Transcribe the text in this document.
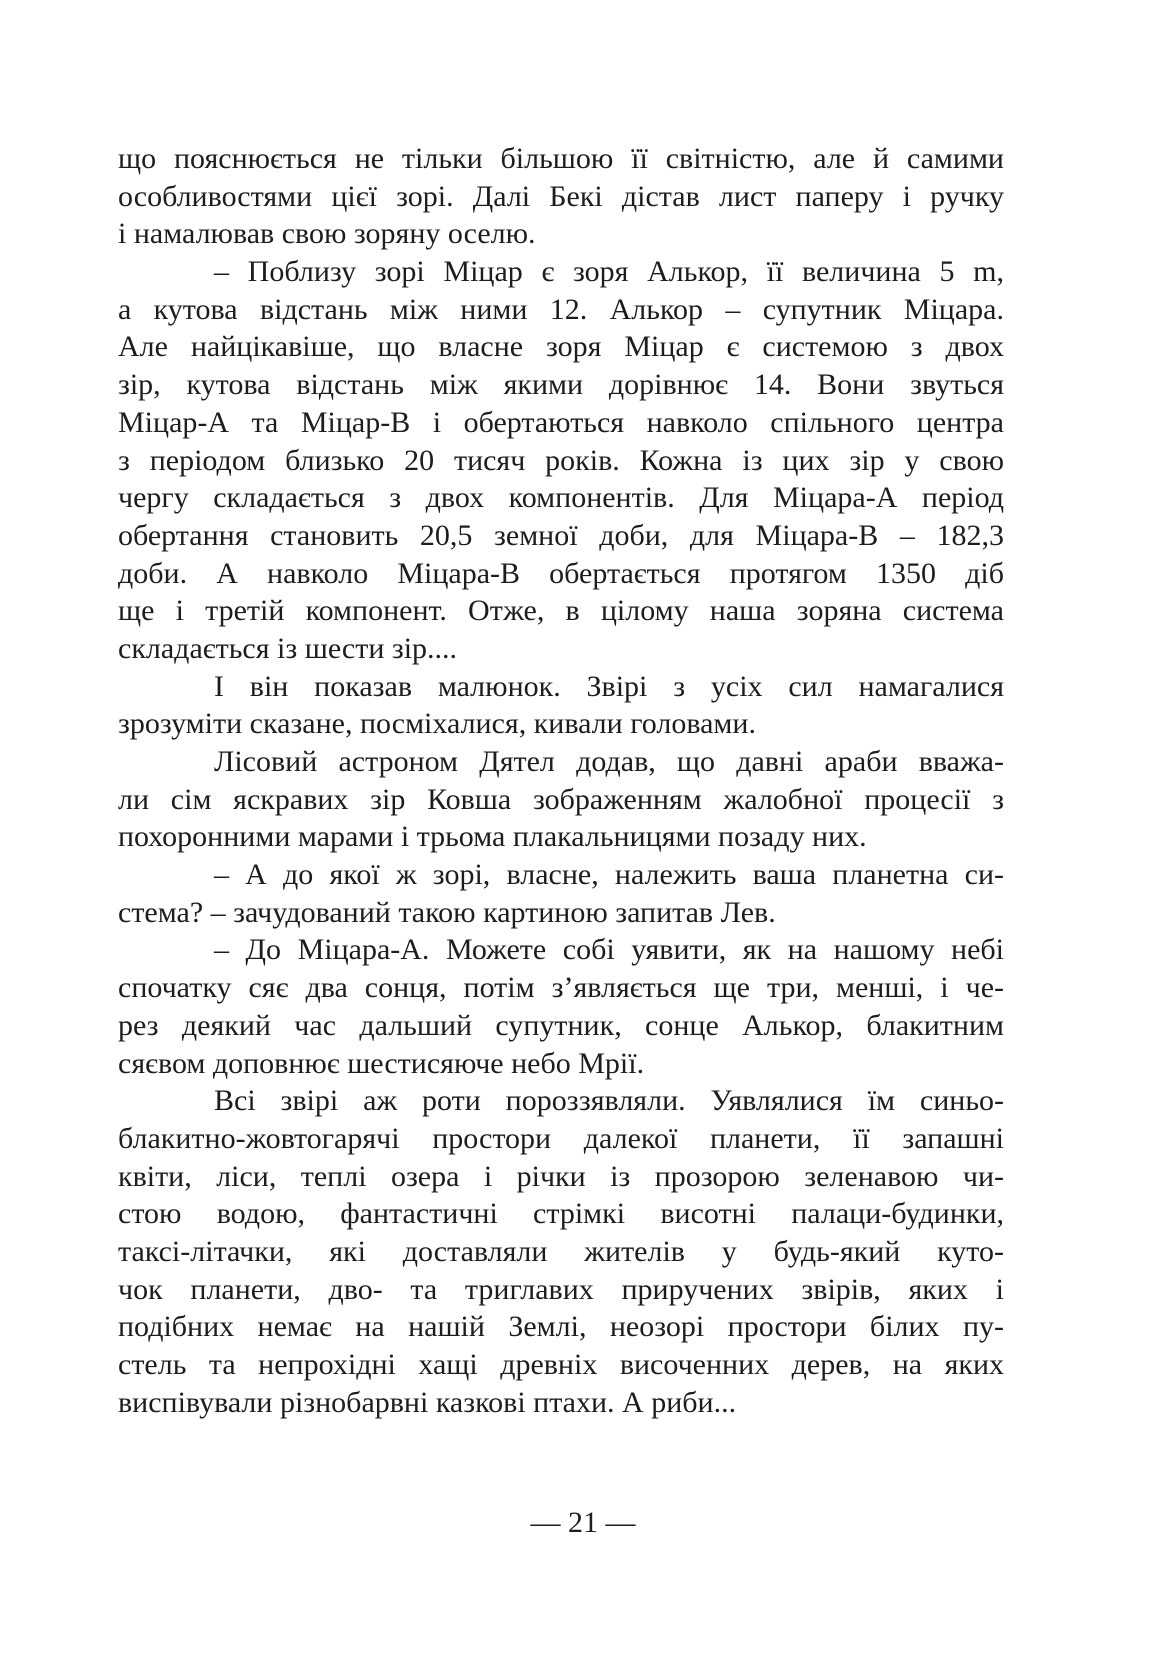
що пояснюється не тільки більшою її світністю, але й самими
особливостями цієї зорі. Далі Бекі дістав лист паперу і ручку
і намалював свою зоряну оселю.
– Поблизу зорі Міцар є зоря Алькор, її величина 5 m,
а кутова відстань між ними 12. Алькор – супутник Міцара.
Але найцікавіше, що власне зоря Міцар є системою з двох
зір, кутова відстань між якими дорівнює 14. Вони звуться
Міцар-А та Міцар-В і обертаються навколо спільного центра
з періодом близько 20 тисяч років. Кожна із цих зір у свою
чергу складається з двох компонентів. Для Міцара-А період
обертання становить 20,5 земної доби, для Міцара-В – 182,3
доби. А навколо Міцара-В обертається протягом 1350 діб
ще і третій компонент. Отже, в цілому наша зоряна система
складається із шести зір....
І він показав малюнок. Звірі з усіх сил намагалися
зрозуміти сказане, посміхалися, кивали головами.
Лісовий астроном Дятел додав, що давні араби вважа-
ли сім яскравих зір Ковша зображенням жалобної процесії з
похоронними марами і трьома плакальницями позаду них.
– А до якої ж зорі, власне, належить ваша планетна си-
стема? – зачудований такою картиною запитав Лев.
– До Міцара-А. Можете собі уявити, як на нашому небі
спочатку сяє два сонця, потім з’являється ще три, менші, і че-
рез деякий час дальший супутник, сонце Алькор, блакитним
сяєвом доповнює шестисяюче небо Мрії.
Всі звірі аж роти пороззявляли. Уявлялися їм синьо-
блакитно-жовтогарячі простори далекої планети, її запашні
квіти, ліси, теплі озера і річки із прозорою зеленавою чи-
стою водою, фантастичні стрімкі висотні палаци-будинки,
таксі-літачки, які доставляли жителів у будь-який куто-
чок планети, дво- та триглавих приручених звірів, яких і
подібних немає на нашій Землі, неозорі простори білих пу-
стель та непрохідні хащі древніх височенних дерев, на яких
виспівували різнобарвні казкові птахи. А риби...
— 21 —
